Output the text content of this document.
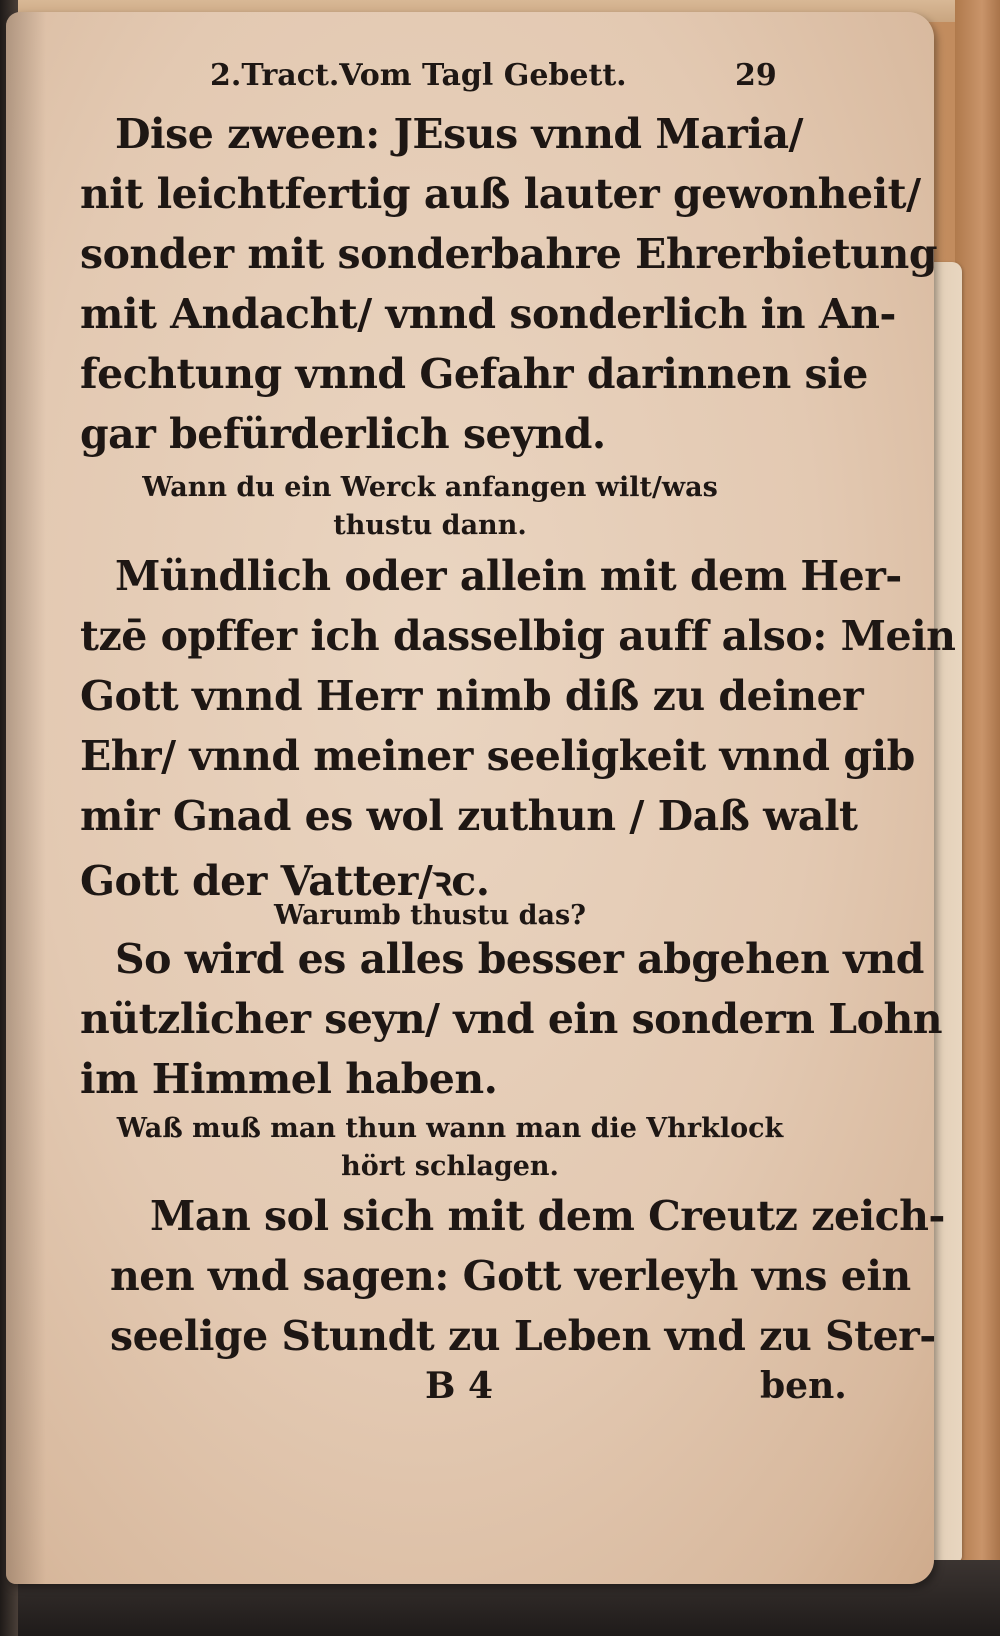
2.Tract.Vom Tagl Gebett.	29

Dise zween: JEsus vnnd Maria/

nit leichtfertig auß lauter gewonheit/

sonder mit sonderbahre Ehrerbietung

mit Andacht/ vnnd sonderlich in An-

fechtung vnnd Gefahr darinnen sie

gar befürderlich seynd.

Wann du ein Werck anfangen wilt/was

thustu dann.

Mündlich oder allein mit dem Her-

tzē opffer ich dasselbig auff also: Mein

Gott vnnd Herr nimb diß zu deiner

Ehr/ vnnd meiner seeligkeit vnnd gib

mir Gnad es wol zuthun / Daß walt

Gott der Vatter/ꝛc.

Warumb thustu das?

So wird es alles besser abgehen vnd

nützlicher seyn/ vnd ein sondern Lohn

im Himmel haben.

Waß muß man thun wann man die Vhrklock

hört schlagen.

Man sol sich mit dem Creutz zeich-

nen vnd sagen: Gott verleyh vns ein

seelige Stundt zu Leben vnd zu Ster-

B 4	ben.
